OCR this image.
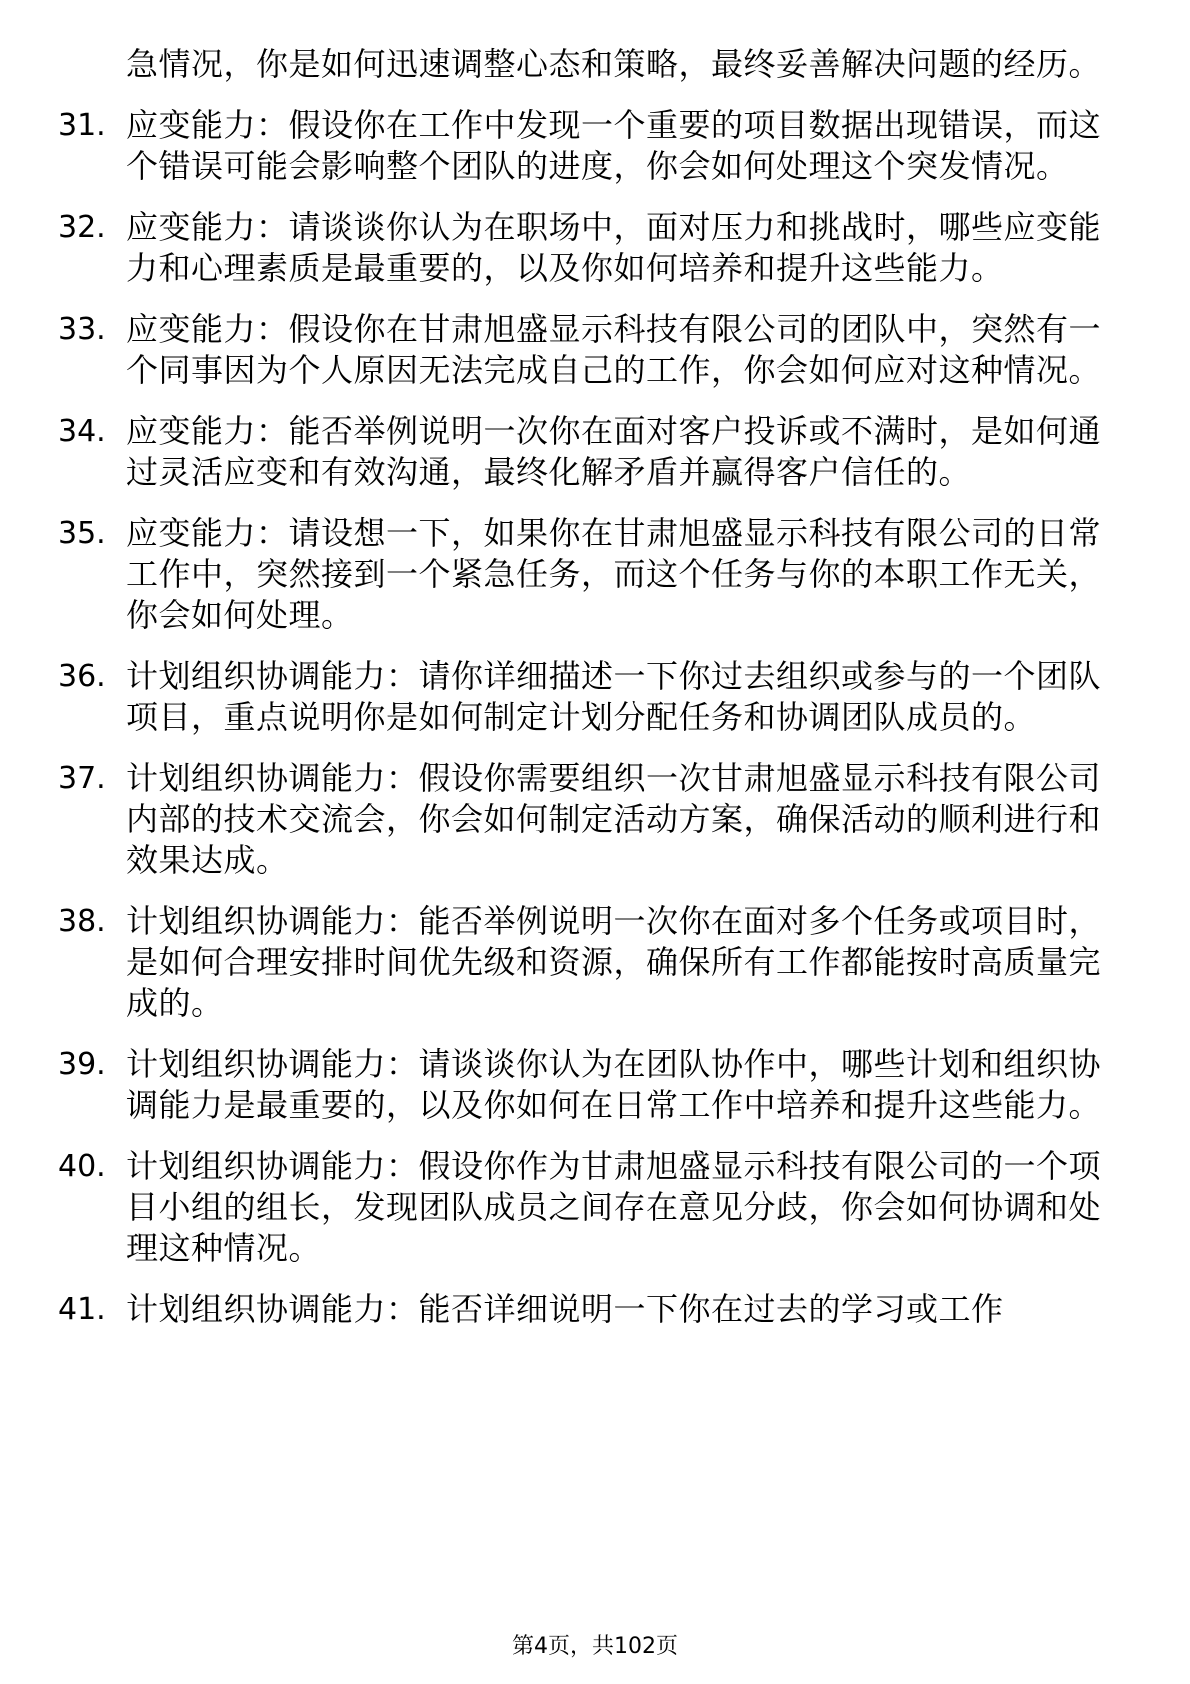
急情况，你是如何迅速调整心态和策略，最终妥善解决问题的经历。
31. 应变能力：假设你在工作中发现一个重要的项目数据出现错误，而这个错误可能会影响整个团队的进度，你会如何处理这个突发情况。
32. 应变能力：请谈谈你认为在职场中，面对压力和挑战时，哪些应变能力和心理素质是最重要的，以及你如何培养和提升这些能力。
33. 应变能力：假设你在甘肃旭盛显示科技有限公司的团队中，突然有一个同事因为个人原因无法完成自己的工作，你会如何应对这种情况。
34. 应变能力：能否举例说明一次你在面对客户投诉或不满时，是如何通过灵活应变和有效沟通，最终化解矛盾并赢得客户信任的。
35. 应变能力：请设想一下，如果你在甘肃旭盛显示科技有限公司的日常工作中，突然接到一个紧急任务，而这个任务与你的本职工作无关，你会如何处理。
36. 计划组织协调能力：请你详细描述一下你过去组织或参与的一个团队项目，重点说明你是如何制定计划分配任务和协调团队成员的。
37. 计划组织协调能力：假设你需要组织一次甘肃旭盛显示科技有限公司内部的技术交流会，你会如何制定活动方案，确保活动的顺利进行和效果达成。
38. 计划组织协调能力：能否举例说明一次你在面对多个任务或项目时，是如何合理安排时间优先级和资源，确保所有工作都能按时高质量完成的。
39. 计划组织协调能力：请谈谈你认为在团队协作中，哪些计划和组织协调能力是最重要的，以及你如何在日常工作中培养和提升这些能力。
40. 计划组织协调能力：假设你作为甘肃旭盛显示科技有限公司的一个项目小组的组长，发现团队成员之间存在意见分歧，你会如何协调和处理这种情况。
41. 计划组织协调能力：能否详细说明一下你在过去的学习或工作
第4页，共102页
